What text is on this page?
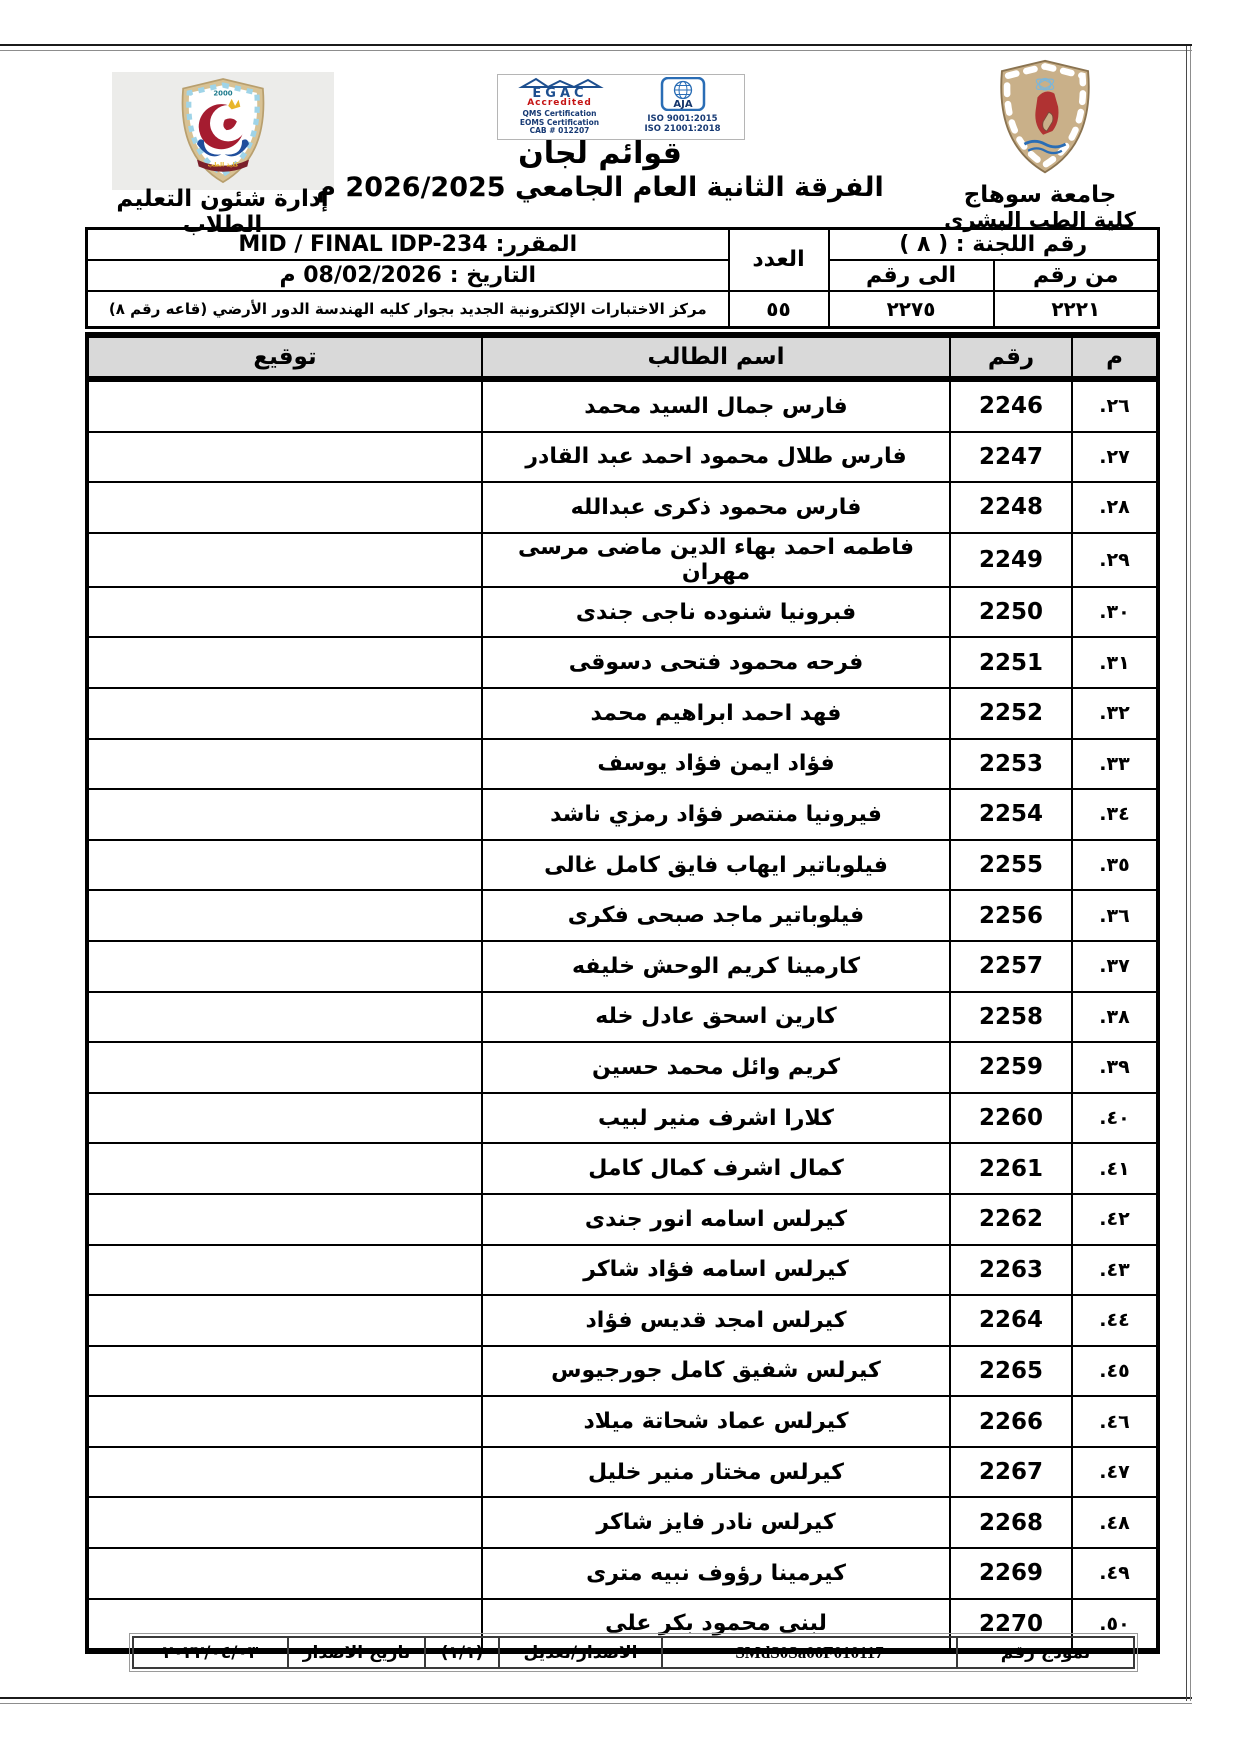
2000
كلية الطب
إدارة شئون التعليم الطلاب
EGAC
Accredited
QMS Certification
EOMS Certification
CAB # 012207
AJA
ISO 9001:2015
ISO 21001:2018
قوائم لجان
الفرقة الثانية العام الجامعي 2026/2025 م	جامعة سوهاج
كلية الطب البشرى
رقم اللجنة : ( ٨ )		العدد	المقرر:
MID / FINAL IDP-234

من رقم	الى رقم		التاريخ :
08/02/2026 م

٢٢٢١	٢٢٧٥	٥٥	مركز الاختبارات الإلكترونية الجديد بجوار كليه الهندسة الدور الأرضي (قاعه رقم ٨)
م	رقم	اسم الطالب	توقيع
٢٦.	2246	فارس جمال السيد محمد	
٢٧.	2247	فارس طلال محمود احمد عبد القادر	
٢٨.	2248	فارس محمود ذكرى عبدالله	
٢٩.	2249	فاطمه احمد بهاء الدين ماضى مرسى مهران	
٣٠.	2250	فبرونيا شنوده ناجى جندى	
٣١.	2251	فرحه محمود فتحى دسوقى	
٣٢.	2252	فهد احمد ابراهيم محمد	
٣٣.	2253	فؤاد ايمن فؤاد يوسف	
٣٤.	2254	فيرونيا منتصر فؤاد رمزي ناشد	
٣٥.	2255	فيلوباتير ايهاب فايق كامل غالى	
٣٦.	2256	فيلوباتير ماجد صبحى فكرى	
٣٧.	2257	كارمينا كريم الوحش خليفه	
٣٨.	2258	كارين اسحق عادل خله	
٣٩.	2259	كريم وائل محمد حسين	
٤٠.	2260	كلارا اشرف منير لبيب	
٤١.	2261	كمال اشرف كمال كامل	
٤٢.	2262	كيرلس اسامه انور جندى	
٤٣.	2263	كيرلس اسامه فؤاد شاكر	
٤٤.	2264	كيرلس امجد قديس فؤاد	
٤٥.	2265	كيرلس شفيق كامل جورجيوس	
٤٦.	2266	كيرلس عماد شحاتة ميلاد	
٤٧.	2267	كيرلس مختار منير خليل	
٤٨.	2268	كيرلس نادر فايز شاكر	
٤٩.	2269	كيرمينا رؤوف نبيه مترى	
٥٠.	2270	لبنى محمود بكر على	
نموذج رقم	SMdS0Sa00F010117	الاصدار/تعديل	(١/١)	تاريخ الاصدار	٢٠٢٢/٠٤/٠٣
